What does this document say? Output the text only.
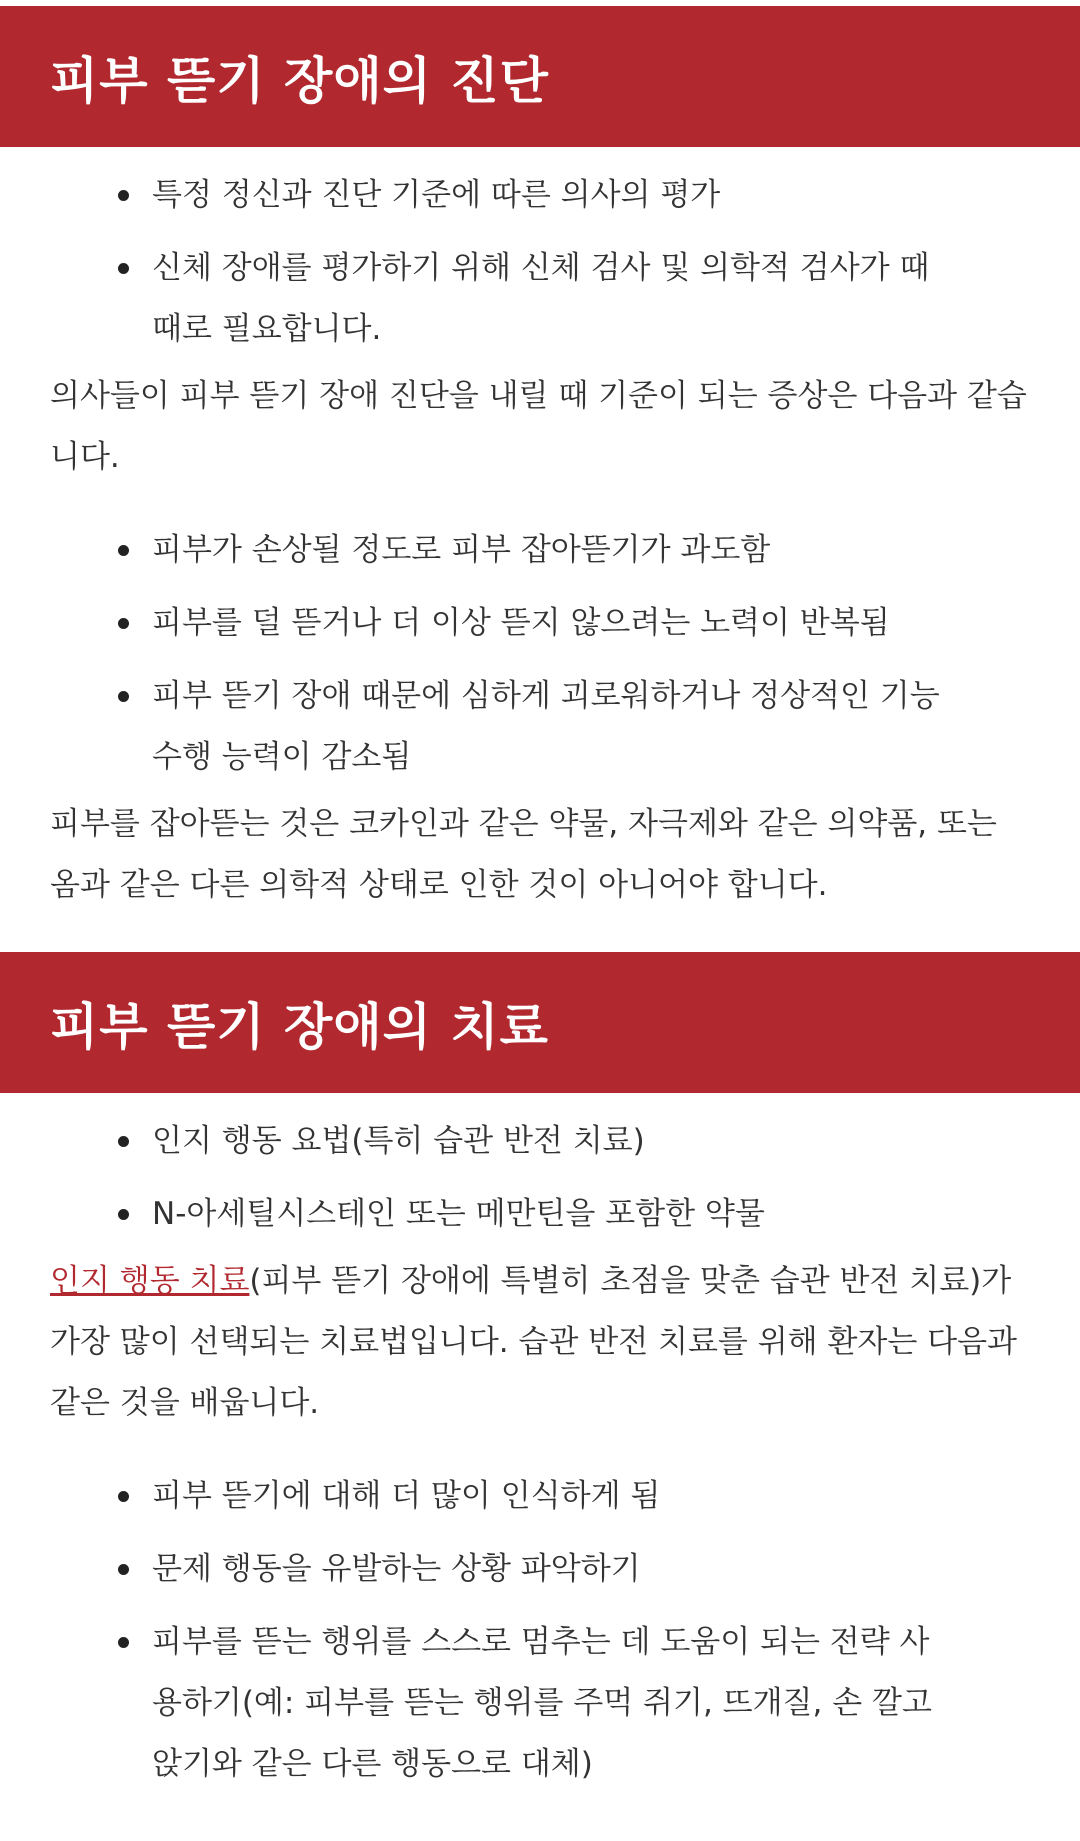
피부 뜯기 장애의 진단
특정 정신과 진단 기준에 따른 의사의 평가
신체 장애를 평가하기 위해 신체 검사 및 의학적 검사가 때때로 필요합니다.

의사들이 피부 뜯기 장애 진단을 내릴 때 기준이 되는 증상은 다음과 같습니다.

피부가 손상될 정도로 피부 잡아뜯기가 과도함
피부를 덜 뜯거나 더 이상 뜯지 않으려는 노력이 반복됨
피부 뜯기 장애 때문에 심하게 괴로워하거나 정상적인 기능 수행 능력이 감소됨

피부를 잡아뜯는 것은 코카인과 같은 약물, 자극제와 같은 의약품, 또는 옴과 같은 다른 의학적 상태로 인한 것이 아니어야 합니다.

피부 뜯기 장애의 치료
인지 행동 요법(특히 습관 반전 치료)
N-아세틸시스테인 또는 메만틴을 포함한 약물

인지 행동 치료(피부 뜯기 장애에 특별히 초점을 맞춘 습관 반전 치료)가 가장 많이 선택되는 치료법입니다. 습관 반전 치료를 위해 환자는 다음과 같은 것을 배웁니다.

피부 뜯기에 대해 더 많이 인식하게 됨
문제 행동을 유발하는 상황 파악하기
피부를 뜯는 행위를 스스로 멈추는 데 도움이 되는 전략 사용하기(예: 피부를 뜯는 행위를 주먹 쥐기, 뜨개질, 손 깔고 앉기와 같은 다른 행동으로 대체)
